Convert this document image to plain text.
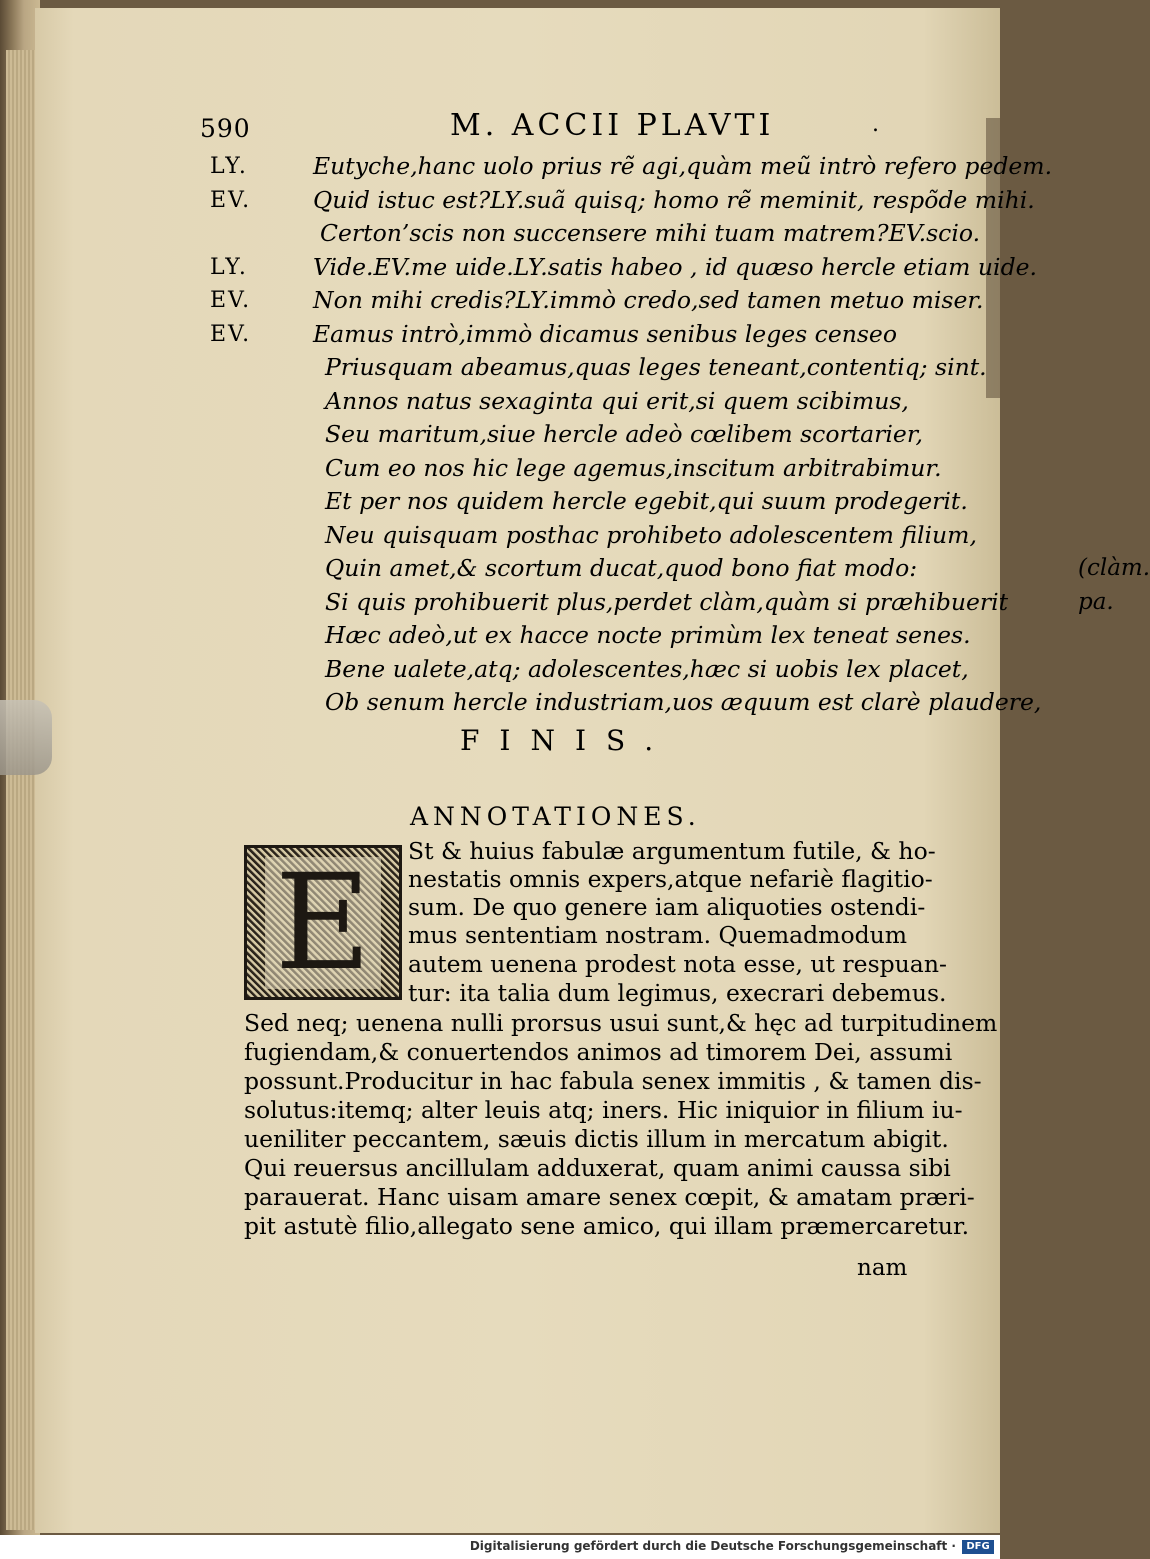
590	M. ACCII PLAVTI	.
LY.	Eutyche,hanc uolo prius rẽ agi,quàm meũ intrò refero pedem.
EV.	Quid istuc est?LY.suã quisq; homo rẽ meminit, respõde mihi.
Certon’scis non succensere mihi tuam matrem?EV.scio.
LY.	Vide.EV.me uide.LY.satis habeo , id quæso hercle etiam uide.
EV.	Non mihi credis?LY.immò credo,sed tamen metuo miser.
EV.	Eamus intrò,immò dicamus senibus leges censeo
Priusquam abeamus,quas leges teneant,contentiq; sint.
Annos natus sexaginta qui erit,si quem scibimus,
Seu maritum,siue hercle adeò cœlibem scortarier,
Cum eo nos hic lege agemus,inscitum arbitrabimur.
Et per nos quidem hercle egebit,qui suum prodegerit.
Neu quisquam posthac prohibeto adolescentem filium,
Quin amet,& scortum ducat,quod bono fiat modo:	(clàm.
Si quis prohibuerit plus,perdet clàm,quàm si præhibuerit	pa.
Hæc adeò,ut ex hacce nocte primùm lex teneat senes.
Bene ualete,atq; adolescentes,hæc si uobis lex placet,
Ob senum hercle industriam,uos æquum est clarè plaudere,
FINIS.
ANNOTATIONES.
E	St & huius fabulæ argumentum futile, & ho-
nestatis omnis expers,atque nefariè flagitio-
sum. De quo genere iam aliquoties ostendi-
mus sententiam nostram. Quemadmodum
autem uenena prodest nota esse, ut respuan-
tur: ita talia dum legimus, execrari debemus.
Sed neq; uenena nulli prorsus usui sunt,& hęc ad turpitudinem
fugiendam,& conuertendos animos ad timorem Dei, assumi
possunt.Producitur in hac fabula senex immitis , & tamen dis-
solutus:itemq; alter leuis atq; iners. Hic iniquior in filium iu-
ueniliter peccantem, sæuis dictis illum in mercatum abigit.
Qui reuersus ancillulam adduxerat, quam animi caussa sibi
parauerat. Hanc uisam amare senex cœpit, & amatam præri-
pit astutè filio,allegato sene amico, qui illam præmercaretur.
nam
Digitalisierung gefördert durch die Deutsche Forschungsgemeinschaft ·	DFG
